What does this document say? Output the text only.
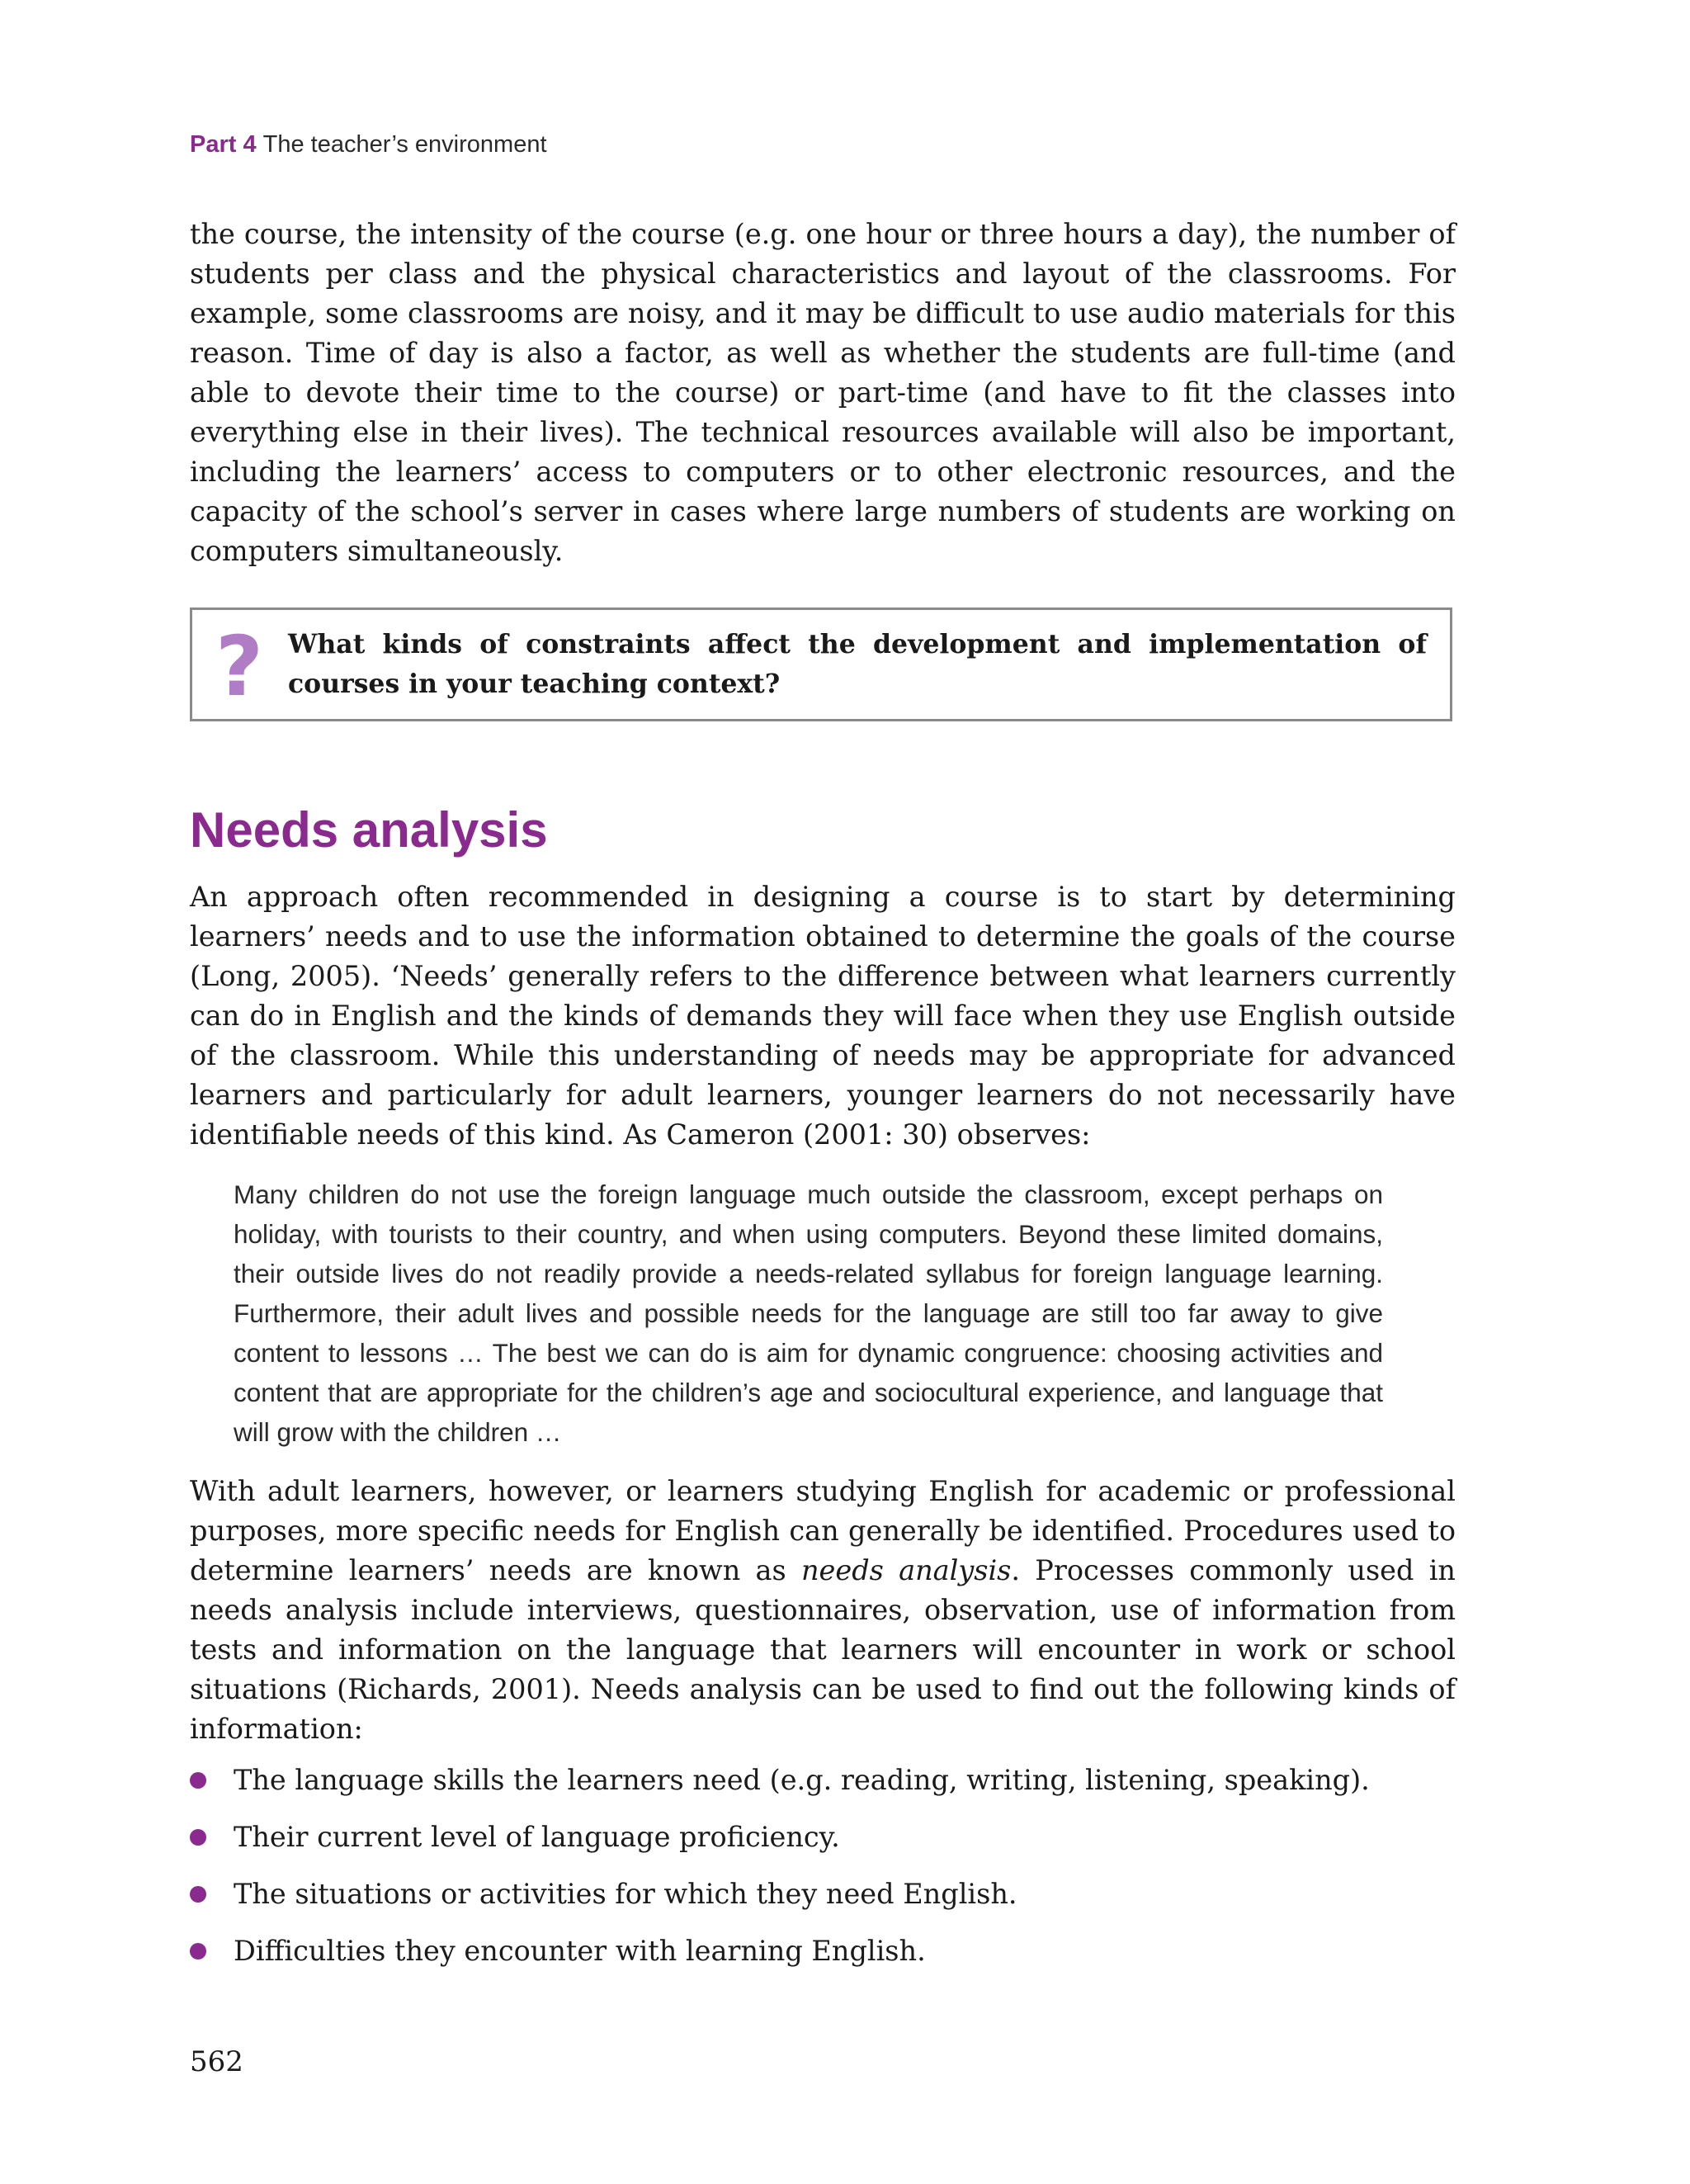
Part 4 The teacher’s environment

the course, the intensity of the course (e.g. one hour or three hours a day), the number of students per class and the physical characteristics and layout of the classrooms. For example, some classrooms are noisy, and it may be difficult to use audio materials for this reason. Time of day is also a factor, as well as whether the students are full-time (and able to devote their time to the course) or part-time (and have to fit the classes into everything else in their lives). The technical resources available will also be important, including the learners’ access to computers or to other electronic resources, and the capacity of the school’s server in cases where large numbers of students are working on computers simultaneously.

? What kinds of constraints affect the development and implementation of courses in your teaching context?

Needs analysis

An approach often recommended in designing a course is to start by determining learners’ needs and to use the information obtained to determine the goals of the course (Long, 2005). ‘Needs’ generally refers to the difference between what learners currently can do in English and the kinds of demands they will face when they use English outside of the classroom. While this understanding of needs may be appropriate for advanced learners and particularly for adult learners, younger learners do not necessarily have identifiable needs of this kind. As Cameron (2001: 30) observes:

Many children do not use the foreign language much outside the classroom, except perhaps on holiday, with tourists to their country, and when using computers. Beyond these limited domains, their outside lives do not readily provide a needs-related syllabus for foreign language learning. Furthermore, their adult lives and possible needs for the language are still too far away to give content to lessons … The best we can do is aim for dynamic congruence: choosing activities and content that are appropriate for the children’s age and sociocultural experience, and language that will grow with the children …

With adult learners, however, or learners studying English for academic or professional purposes, more specific needs for English can generally be identified. Procedures used to determine learners’ needs are known as needs analysis. Processes commonly used in needs analysis include interviews, questionnaires, observation, use of information from tests and information on the language that learners will encounter in work or school situations (Richards, 2001). Needs analysis can be used to find out the following kinds of information:

The language skills the learners need (e.g. reading, writing, listening, speaking).
Their current level of language proficiency.
The situations or activities for which they need English.
Difficulties they encounter with learning English.
562
